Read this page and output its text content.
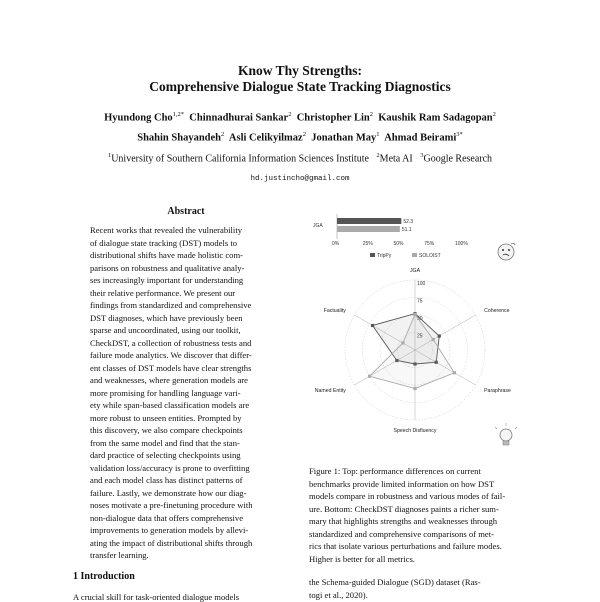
Know Thy Strengths:
Comprehensive Dialogue State Tracking Diagnostics
Hyundong Cho$^{1,2*}$ Chinnadhurai Sankar$^2$ Christopher Lin$^2$ Kaushik Ram Sadagopan$^2$
Shahin Shayandeh$^2$ Asli Celikyilmaz$^2$ Jonathan May$^1$ Ahmad Beirami$^{3*}$
$^1$University of Southern California Information Sciences Institute $^2$Meta AI $^3$Google Research
hd.justincho@gmail.com
Abstract
Recent works that revealed the vulnerability
of dialogue state tracking (DST) models to
distributional shifts have made holistic com-
parisons on robustness and qualitative analy-
ses increasingly important for understanding
their relative performance. We present our
findings from standardized and comprehensive
DST diagnoses, which have previously been
sparse and uncoordinated, using our toolkit,
CheckDST, a collection of robustness tests and
failure mode analytics. We discover that differ-
ent classes of DST models have clear strengths
and weaknesses, where generation models are
more promising for handling language vari-
ety while span-based classification models are
more robust to unseen entities. Prompted by
this discovery, we also compare checkpoints
from the same model and find that the stan-
dard practice of selecting checkpoints using
validation loss/accuracy is prone to overfitting
and each model class has distinct patterns of
failure. Lastly, we demonstrate how our diag-
noses motivate a pre-finetuning procedure with
non-dialogue data that offers comprehensive
improvements to generation models by allevi-
ating the impact of distributional shifts through
transfer learning.
1 Introduction
A crucial skill for task-oriented dialogue models
JGA
52.3
51.1
0%	25%	50%	75%	100%
TripPy	SOLOIST
25
50
75
100
JGA
Coherence
Paraphrase
Speech Disfluency
Named Entity
Factuality
Figure 1: Top: performance differences on current
benchmarks provide limited information on how DST
models compare in robustness and various modes of fail-
ure. Bottom: CheckDST diagnoses paints a richer sum-
mary that highlights strengths and weaknesses through
standardized and comprehensive comparisons of met-
rics that isolate various perturbations and failure modes.
Higher is better for all metrics.
the Schema-guided Dialogue (SGD) dataset (Ras-
togi et al., 2020).
